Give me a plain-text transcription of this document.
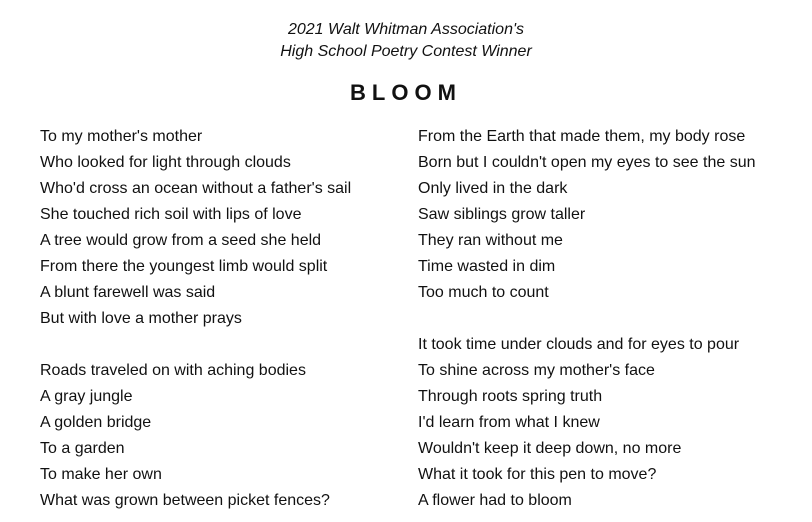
2021 Walt Whitman Association's

High School Poetry Contest Winner

BLOOM
To my mother's mother
Who looked for light through clouds
Who'd cross an ocean without a father's sail
She touched rich soil with lips of love
A tree would grow from a seed she held
From there the youngest limb would split
A blunt farewell was said
But with love a mother prays
Roads traveled on with aching bodies
A gray jungle
A golden bridge
To a garden
To make her own
What was grown between picket fences?
From the Earth that made them, my body rose
Born but I couldn't open my eyes to see the sun
Only lived in the dark
Saw siblings grow taller
They ran without me
Time wasted in dim
Too much to count
It took time under clouds and for eyes to pour
To shine across my mother's face
Through roots spring truth
I'd learn from what I knew
Wouldn't keep it deep down, no more
What it took for this pen to move?
A flower had to bloom
